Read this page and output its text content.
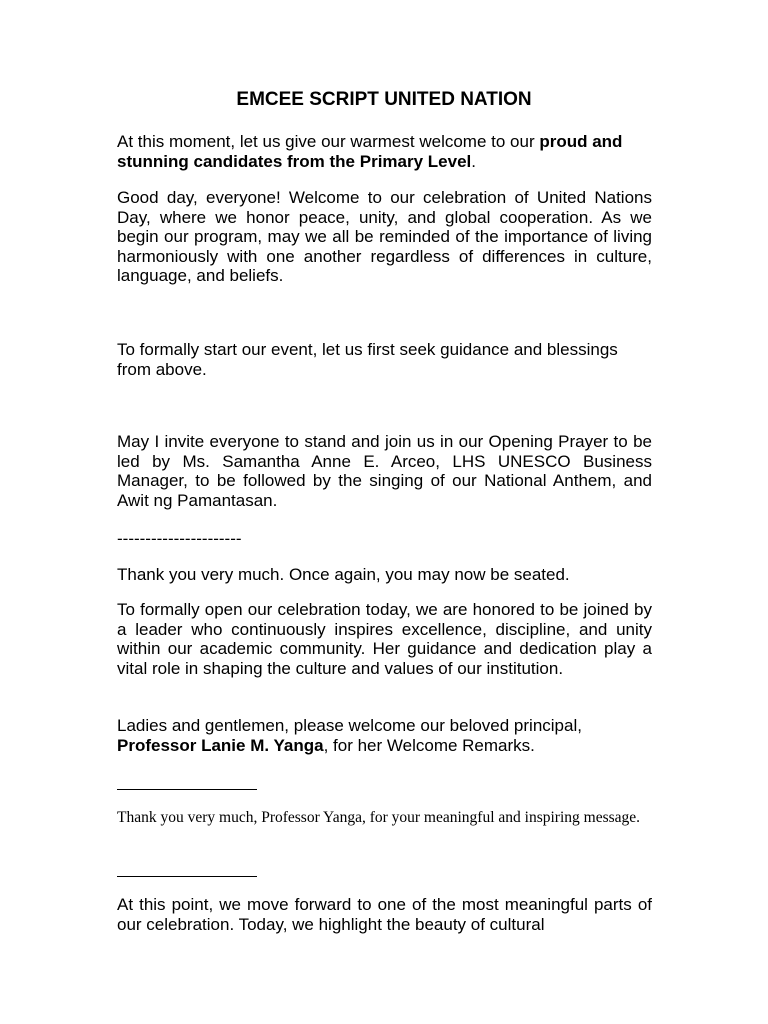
EMCEE SCRIPT UNITED NATION

At this moment, let us give our warmest welcome to our proud and stunning candidates from the Primary Level.

Good day, everyone! Welcome to our celebration of United Nations Day, where we honor peace, unity, and global cooperation. As we begin our program, may we all be reminded of the importance of living harmoniously with one another regardless of differences in culture, language, and beliefs.

To formally start our event, let us first seek guidance and blessings from above.

May I invite everyone to stand and join us in our Opening Prayer to be led by Ms. Samantha Anne E. Arceo, LHS UNESCO Business Manager, to be followed by the singing of our National Anthem, and Awit ng Pamantasan.

----------------------

Thank you very much. Once again, you may now be seated.

To formally open our celebration today, we are honored to be joined by a leader who continuously inspires excellence, discipline, and unity within our academic community. Her guidance and dedication play a vital role in shaping the culture and values of our institution.

Ladies and gentlemen, please welcome our beloved principal,
Professor Lanie M. Yanga, for her Welcome Remarks.

Thank you very much, Professor Yanga, for your meaningful and inspiring message.

At this point, we move forward to one of the most meaningful parts of our celebration. Today, we highlight the beauty of cultural
